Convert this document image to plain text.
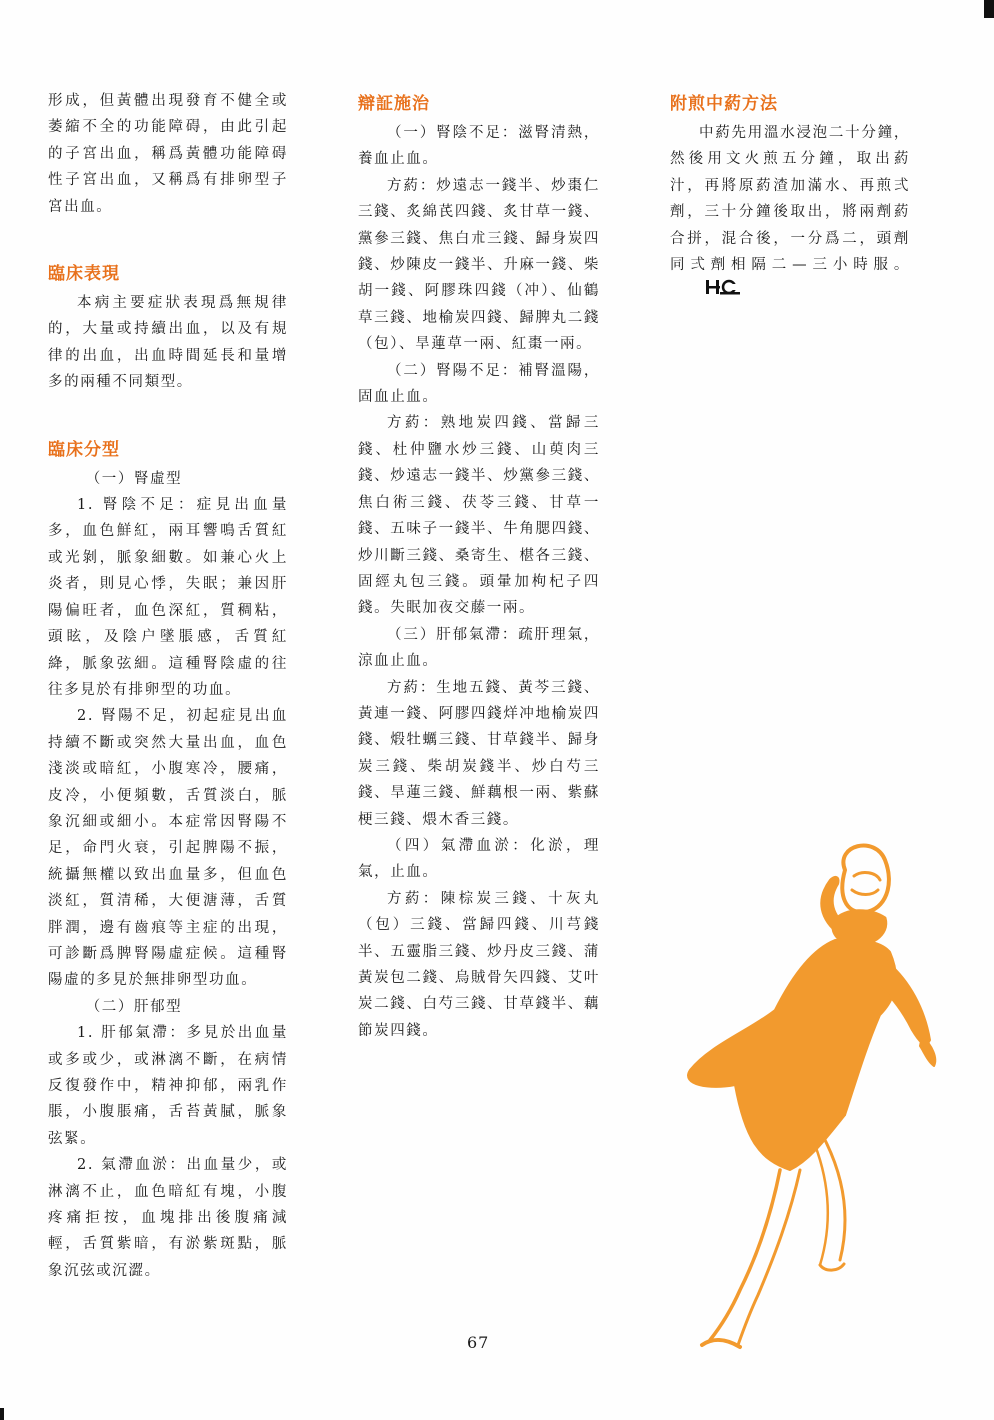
形成，但黃體出現發育不健全或萎縮不全的功能障碍，由此引起的子宮出血，稱爲黃體功能障碍性子宮出血，又稱爲有排卵型子宮出血。

臨床表現

本病主要症狀表現爲無規律的，大量或持續出血，以及有規律的出血，出血時間延長和量增多的兩種不同類型。

臨床分型

（一）腎虛型

1. 腎陰不足：症見出血量多，血色鮮紅，兩耳響鳴舌質紅或光剝，脈象細數。如兼心火上炎者，則見心悸，失眠；兼因肝陽偏旺者，血色深紅，質稠粘，頭眩，及陰户墜脹感，舌質紅絳，脈象弦細。這種腎陰虛的往往多見於有排卵型的功血。

2. 腎陽不足，初起症見出血持續不斷或突然大量出血，血色淺淡或暗紅，小腹寒冷，腰痛，皮冷，小便頻數，舌質淡白，脈象沉細或細小。本症常因腎陽不足，命門火衰，引起脾陽不振，統攝無權以致出血量多，但血色淡紅，質清稀，大便溏薄，舌質胖潤，邊有齒痕等主症的出現，可診斷爲脾腎陽虛症候。這種腎陽虛的多見於無排卵型功血。

（二）肝郁型

1. 肝郁氣滯：多見於出血量或多或少，或淋漓不斷，在病情反復發作中，精神抑郁，兩乳作脹，小腹脹痛，舌苔黃膩，脈象弦緊。

2. 氣滯血淤：出血量少，或淋漓不止，血色暗紅有塊，小腹疼痛拒按，血塊排出後腹痛減輕，舌質紫暗，有淤紫斑點，脈象沉弦或沉澀。

辯証施治

（一）腎陰不足：滋腎清熱，養血止血。

方葯：炒遠志一錢半、炒棗仁三錢、炙綿芪四錢、炙甘草一錢、黨參三錢、焦白朮三錢、歸身炭四錢、炒陳皮一錢半、升麻一錢、柴胡一錢、阿膠珠四錢（冲）、仙鶴草三錢、地榆炭四錢、歸脾丸二錢（包）、旱蓮草一兩、紅棗一兩。

（二）腎陽不足：補腎溫陽，固血止血。

方葯：熟地炭四錢、當歸三錢、杜仲鹽水炒三錢、山萸肉三錢、炒遠志一錢半、炒黨參三錢、焦白術三錢、茯苓三錢、甘草一錢、五味子一錢半、牛角腮四錢、炒川斷三錢、桑寄生、椹各三錢、固經丸包三錢。頭暈加枸杞子四錢。失眠加夜交藤一兩。

（三）肝郁氣滯：疏肝理氣，涼血止血。

方葯：生地五錢、黃芩三錢、黃連一錢、阿膠四錢烊冲地榆炭四錢、煅牡蠣三錢、甘草錢半、歸身炭三錢、柴胡炭錢半、炒白芍三錢、旱蓮三錢、鮮藕根一兩、紫蘇梗三錢、煨木香三錢。

（四）氣滯血淤：化淤，理氣，止血。

方葯：陳棕炭三錢、十灰丸（包）三錢、當歸四錢、川芎錢半、五靈脂三錢、炒丹皮三錢、蒲黃炭包二錢、烏賊骨矢四錢、艾叶炭二錢、白芍三錢、甘草錢半、藕節炭四錢。

附煎中葯方法

中葯先用溫水浸泡二十分鐘，然後用文火煎五分鐘，取出葯汁，再將原葯渣加滿水、再煎弍劑，三十分鐘後取出，將兩劑葯合拼，混合後，一分爲二，頭劑同弍劑相隔二—三小時服。

67
